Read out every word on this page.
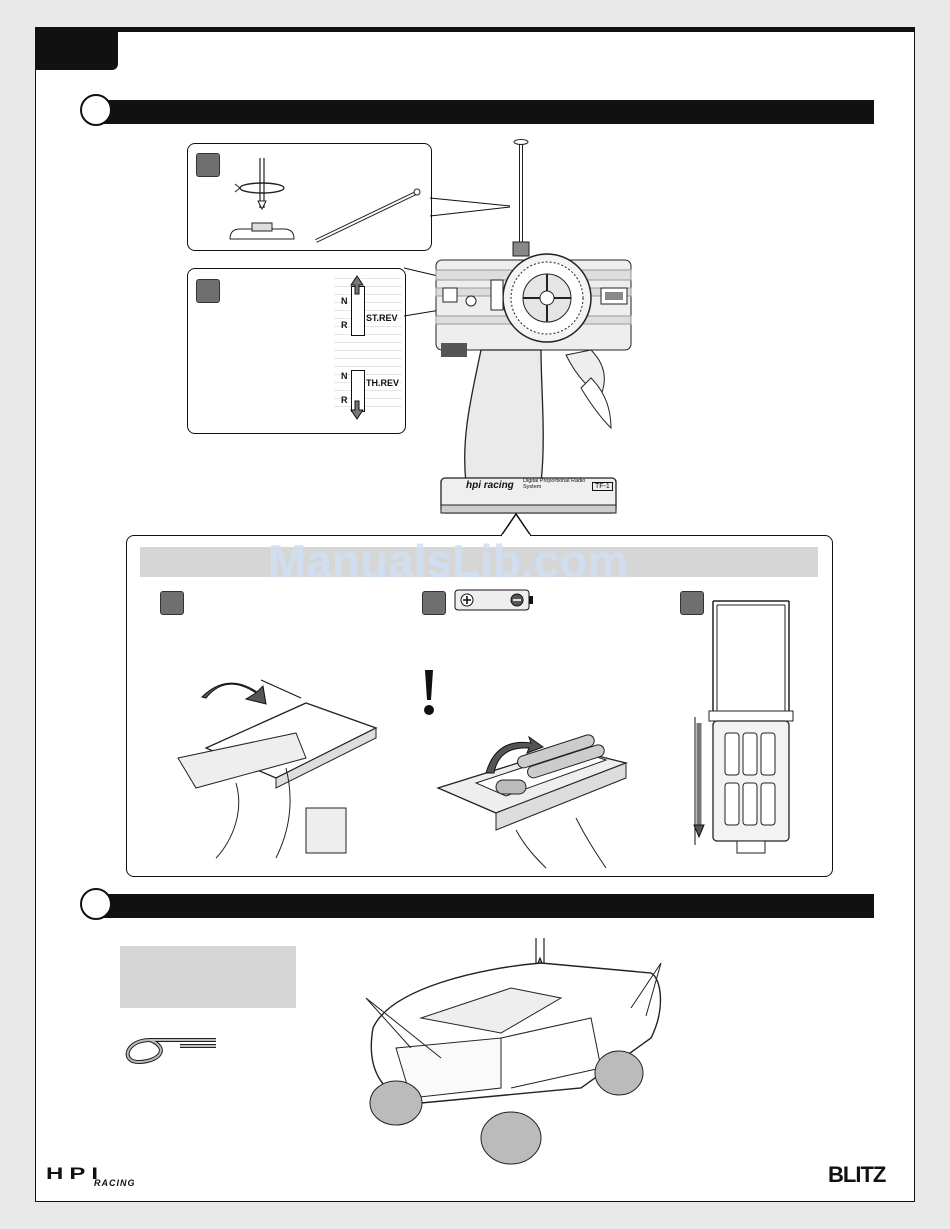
N
R
ST.REV
N
R
TH.REV
hpi racing Digital Proportional Radio System	TF-1
ManualsLib.com
HPI
RACING	BLITZ
